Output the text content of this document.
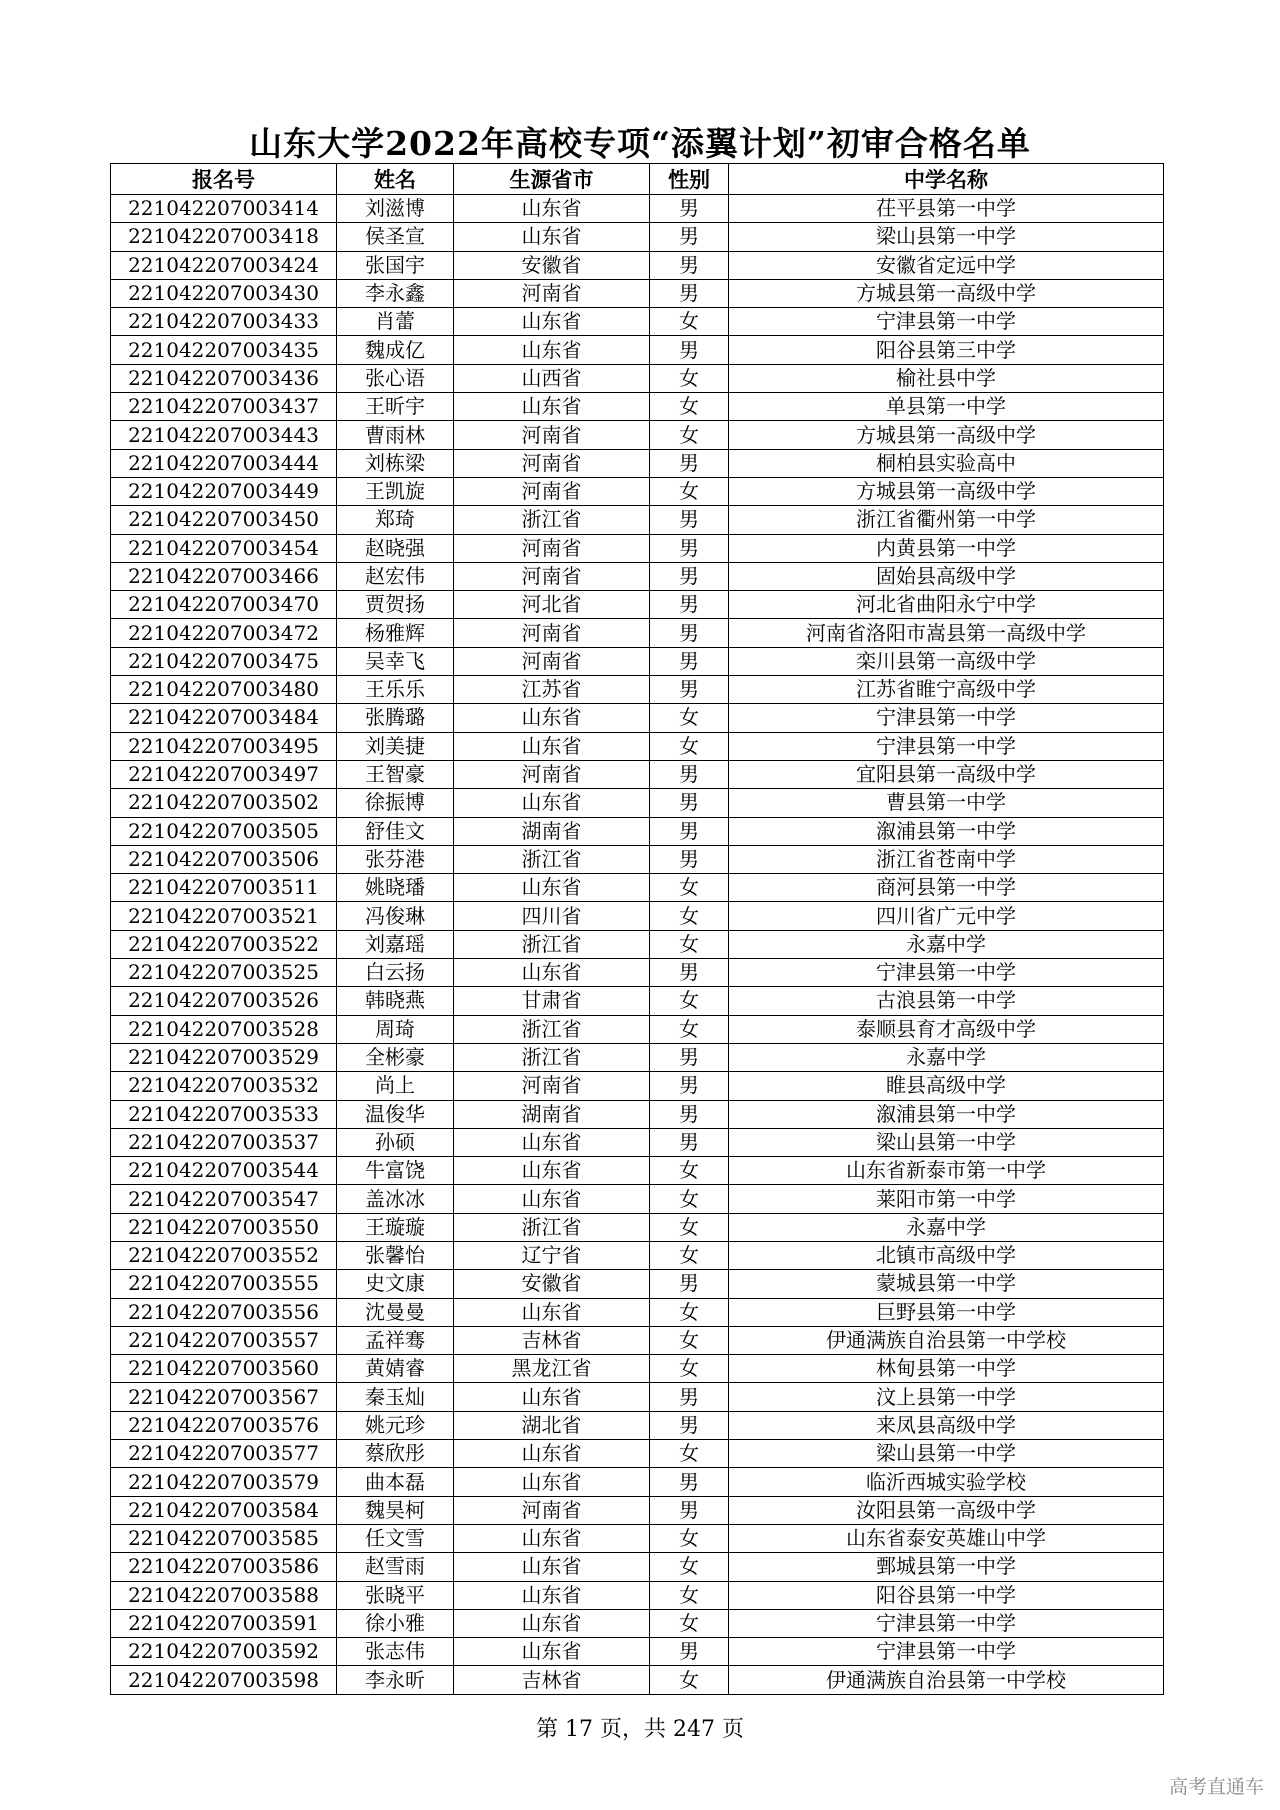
山东大学2022年高校专项“添翼计划”初审合格名单
报名号	姓名	生源省市	性别	中学名称
221042207003414	刘滋博	山东省	男	茌平县第一中学
221042207003418	侯圣宣	山东省	男	梁山县第一中学
221042207003424	张国宇	安徽省	男	安徽省定远中学
221042207003430	李永鑫	河南省	男	方城县第一高级中学
221042207003433	肖蕾	山东省	女	宁津县第一中学
221042207003435	魏成亿	山东省	男	阳谷县第三中学
221042207003436	张心语	山西省	女	榆社县中学
221042207003437	王昕宇	山东省	女	单县第一中学
221042207003443	曹雨林	河南省	女	方城县第一高级中学
221042207003444	刘栋梁	河南省	男	桐柏县实验高中
221042207003449	王凯旋	河南省	女	方城县第一高级中学
221042207003450	郑琦	浙江省	男	浙江省衢州第一中学
221042207003454	赵晓强	河南省	男	内黄县第一中学
221042207003466	赵宏伟	河南省	男	固始县高级中学
221042207003470	贾贺扬	河北省	男	河北省曲阳永宁中学
221042207003472	杨雅辉	河南省	男	河南省洛阳市嵩县第一高级中学
221042207003475	吴幸飞	河南省	男	栾川县第一高级中学
221042207003480	王乐乐	江苏省	男	江苏省睢宁高级中学
221042207003484	张腾璐	山东省	女	宁津县第一中学
221042207003495	刘美捷	山东省	女	宁津县第一中学
221042207003497	王智豪	河南省	男	宜阳县第一高级中学
221042207003502	徐振博	山东省	男	曹县第一中学
221042207003505	舒佳文	湖南省	男	溆浦县第一中学
221042207003506	张芬港	浙江省	男	浙江省苍南中学
221042207003511	姚晓璠	山东省	女	商河县第一中学
221042207003521	冯俊琳	四川省	女	四川省广元中学
221042207003522	刘嘉瑶	浙江省	女	永嘉中学
221042207003525	白云扬	山东省	男	宁津县第一中学
221042207003526	韩晓燕	甘肃省	女	古浪县第一中学
221042207003528	周琦	浙江省	女	泰顺县育才高级中学
221042207003529	全彬豪	浙江省	男	永嘉中学
221042207003532	尚上	河南省	男	睢县高级中学
221042207003533	温俊华	湖南省	男	溆浦县第一中学
221042207003537	孙硕	山东省	男	梁山县第一中学
221042207003544	牛富饶	山东省	女	山东省新泰市第一中学
221042207003547	盖冰冰	山东省	女	莱阳市第一中学
221042207003550	王璇璇	浙江省	女	永嘉中学
221042207003552	张馨怡	辽宁省	女	北镇市高级中学
221042207003555	史文康	安徽省	男	蒙城县第一中学
221042207003556	沈曼曼	山东省	女	巨野县第一中学
221042207003557	孟祥骞	吉林省	女	伊通满族自治县第一中学校
221042207003560	黄婧睿	黑龙江省	女	林甸县第一中学
221042207003567	秦玉灿	山东省	男	汶上县第一中学
221042207003576	姚元珍	湖北省	男	来凤县高级中学
221042207003577	蔡欣彤	山东省	女	梁山县第一中学
221042207003579	曲本磊	山东省	男	临沂西城实验学校
221042207003584	魏昊柯	河南省	男	汝阳县第一高级中学
221042207003585	任文雪	山东省	女	山东省泰安英雄山中学
221042207003586	赵雪雨	山东省	女	鄄城县第一中学
221042207003588	张晓平	山东省	女	阳谷县第一中学
221042207003591	徐小雅	山东省	女	宁津县第一中学
221042207003592	张志伟	山东省	男	宁津县第一中学
221042207003598	李永昕	吉林省	女	伊通满族自治县第一中学校
第 17 页，共 247 页
高考直通车
